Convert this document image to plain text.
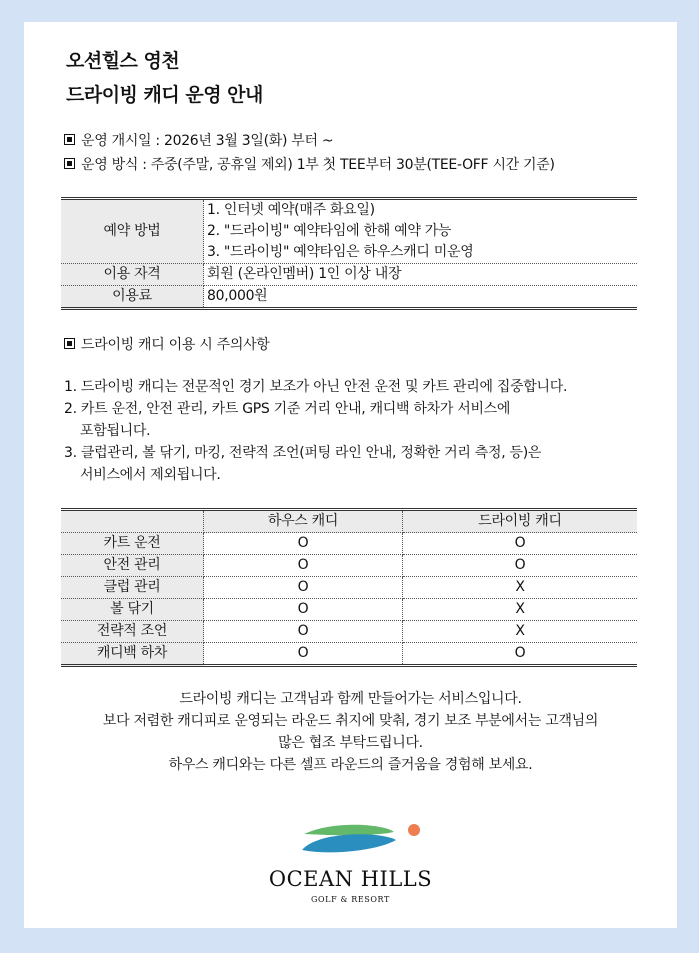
오션힐스 영천
드라이빙 캐디 운영 안내
운영 개시일 : 2026년 3월 3일(화) 부터 ~
운영 방식 : 주중(주말, 공휴일 제외) 1부 첫 TEE부터 30분(TEE-OFF 시간 기준)
예약 방법	1. 인터넷 예약(매주 화요일)
2. "드라이빙" 예약타임에 한해 예약 가능
3. "드라이빙" 예약타임은 하우스캐디 미운영

이용 자격	회원 (온라인멤버) 1인 이상 내장
이용료	80,000원
드라이빙 캐디 이용 시 주의사항
1. 드라이빙 캐디는 전문적인 경기 보조가 아닌 안전 운전 및 카트 관리에 집중합니다.
2. 카트 운전, 안전 관리, 카트 GPS 기준 거리 안내, 캐디백 하차가 서비스에
포함됩니다.
3. 클럽관리, 볼 닦기, 마킹, 전략적 조언(퍼팅 라인 안내, 정확한 거리 측정, 등)은
서비스에서 제외됩니다.
	하우스 캐디	드라이빙 캐디
카트 운전	O	O
안전 관리	O	O
클럽 관리	O	X
볼 닦기	O	X
전략적 조언	O	X
캐디백 하차	O	O
드라이빙 캐디는 고객님과 함께 만들어가는 서비스입니다.
보다 저렴한 캐디피로 운영되는 라운드 취지에 맞춰, 경기 보조 부분에서는 고객님의
많은 협조 부탁드립니다.
하우스 캐디와는 다른 셀프 라운드의 즐거움을 경험해 보세요.
OCEAN HILLS
GOLF & RESORT
